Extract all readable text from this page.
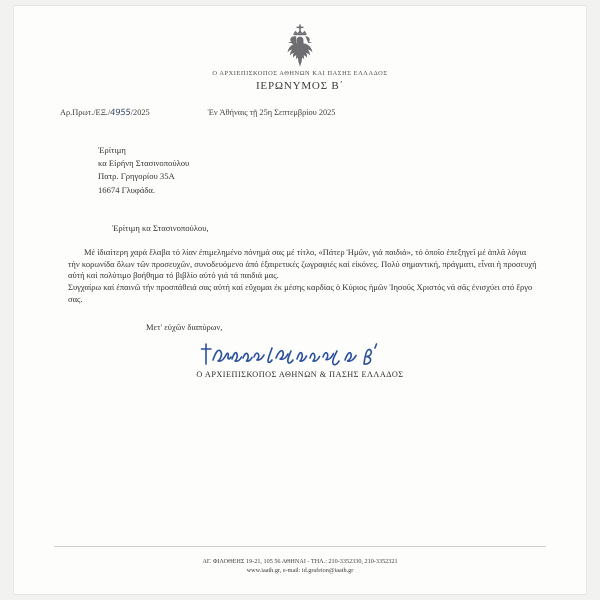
Ο ΑΡΧΙΕΠΙΣΚΟΠΟΣ ΑΘΗΝΩΝ ΚΑΙ ΠΑΣΗΣ ΕΛΛΑΔΟΣ
ΙΕΡΩΝΥΜΟΣ Β΄
Αρ.Πρωτ./ΕΞ./4955/2025	Ἐν Ἀθήναις τῇ 25η Σεπτεμβρίου 2025
Ἐρίτιμη
κα Εἰρήνη Στασινοπούλου
Πατρ. Γρηγορίου 35Α
16674 Γλυφάδα.
Ἐρίτιμη κα Στασινοπούλου,

Μέ ἰδιαίτερη χαρά ἔλαβα τό λίαν ἐπιμελημένο πόνημά σας μέ τίτλο, «Πάτερ Ἡμῶν, γιά παιδιά», τό ὁποῖο ἐπεξηγεῖ μέ ἁπλᾶ λόγια τήν κορωνίδα ὅλων τῶν προσευχῶν, συνοδευόμενο ἀπό ἐξαιρετικές ζωγραφιές καί εἰκόνες. Πολύ σημαντική, πράγματι, εἶναι ἡ προσευχή αὐτή καί πολύτιμο βοήθημα τό βιβλίο αὐτό γιά τά παιδιά μας.

Συγχαίρω καί ἐπαινῶ τήν προσπάθειά σας αὐτή καί εὔχομαι ἐκ μέσης καρδίας ὁ Κύριος ἡμῶν Ἰησοῦς Χριστός νά σᾶς ἐνισχύει στό ἔργο σας.

Μετ' εὐχῶν διαπύρων,
Ο ΑΡΧΙΕΠΙΣΚΟΠΟΣ ΑΘΗΝΩΝ & ΠΑΣΗΣ ΕΛΛΑΔΟΣ
ΑΓ. ΦΙΛΟΘΕΗΣ 19-21, 105 56 ΑΘΗΝΑΙ - ΤΗΛ.: 210-3352330, 210-3352321
www.iaath.gr, e-mail: id.grafeion@iaath.gr
